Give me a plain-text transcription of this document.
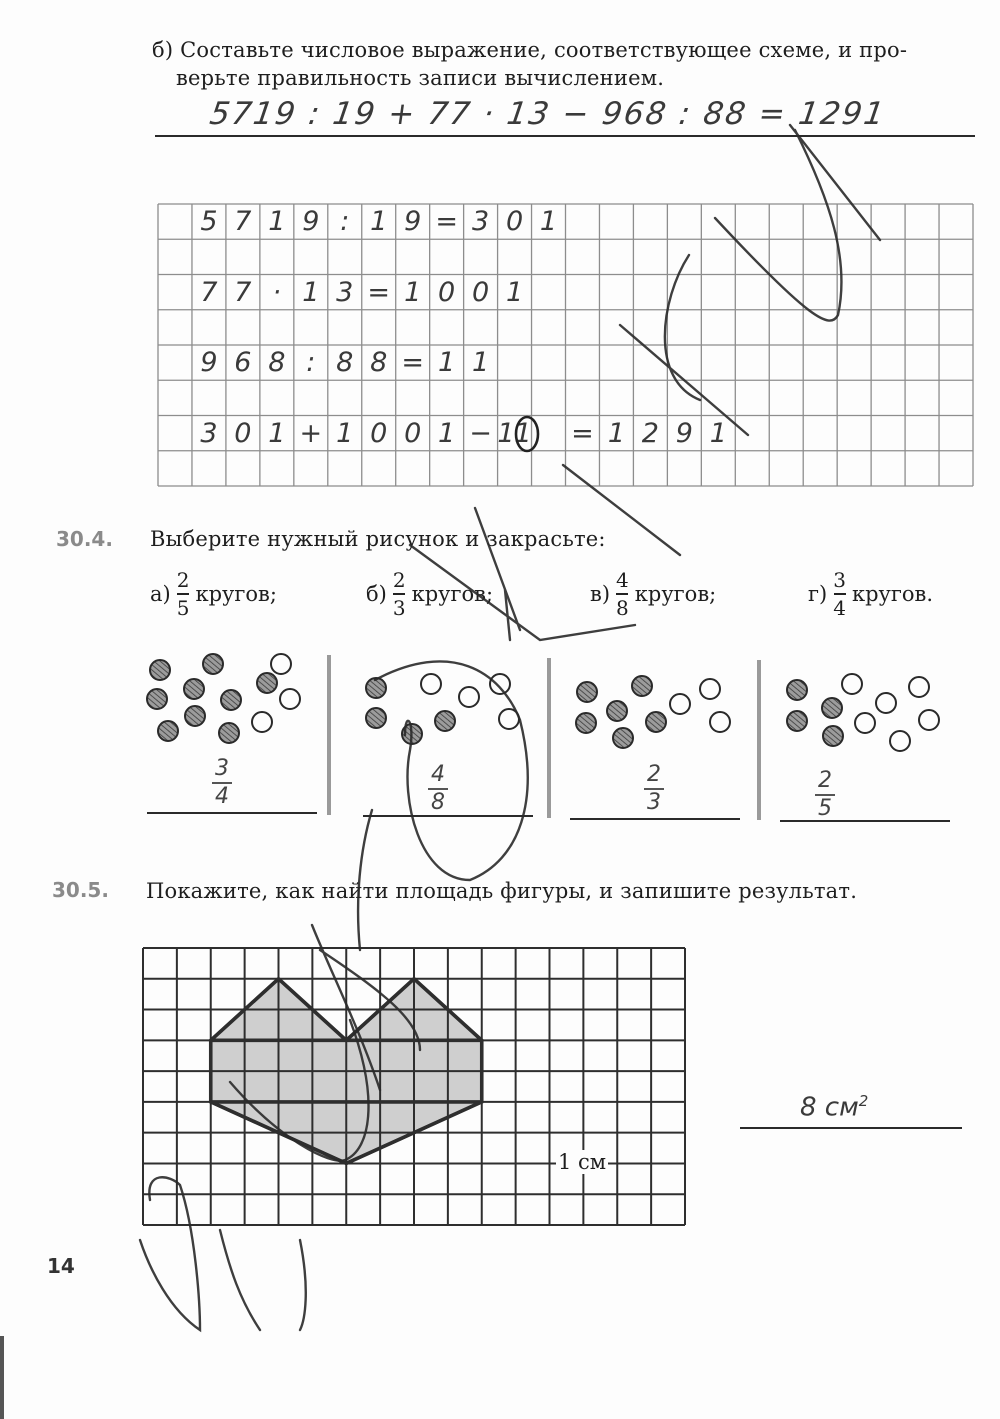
б) Составьте числовое выражение, соответствующее схеме, и про-
верьте правильность записи вычислением.
5719 : 19 + 77 · 13 − 968 : 88 = 1291
5 7 1 9 : 1 9 = 3 0 1
7 7 · 1 3 = 1 0 0 1
9 6 8 : 8 8 = 1 1
3 0 1 + 1 0 0 1 − 11 = 1 2 9 1
30.4. Выберите нужный рисунок и закрасьте:
$а) \frac{2}{5}$ кругов;	$б) \frac{2}{3}$ кругов;	$в) \frac{4}{8}$ кругов;	$г) \frac{3}{4}$ кругов.
3
4
4
8
2
3
2
5
30.5. Покажите, как найти площадь фигуры, и запишите результат.
1 см
8 $см^2$
14
